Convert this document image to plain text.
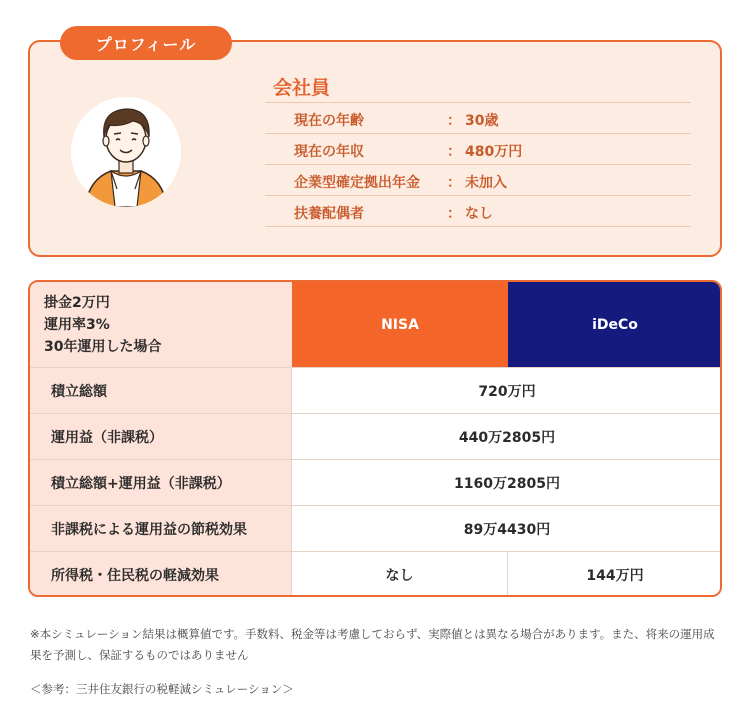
プロフィール
会社員
現在の年齢	： 30歳
現在の年収	： 480万円
企業型確定拠出年金 ： 未加入
扶養配偶者	： なし
掛金2万円
運用率3%
30年運用した場合
NISA	iDeCo
積立総額	720万円
運用益（非課税）	440万2805円
積立総額+運用益（非課税）	1160万2805円
非課税による運用益の節税効果	89万4430円
所得税・住民税の軽減効果	なし	144万円
※本シミュレーション結果は概算値です。手数料、税金等は考慮しておらず、実際値とは異なる場合があります。また、将来の運用成果を予測し、保証するものではありません
＜参考：三井住友銀行の税軽減シミュレーション＞
